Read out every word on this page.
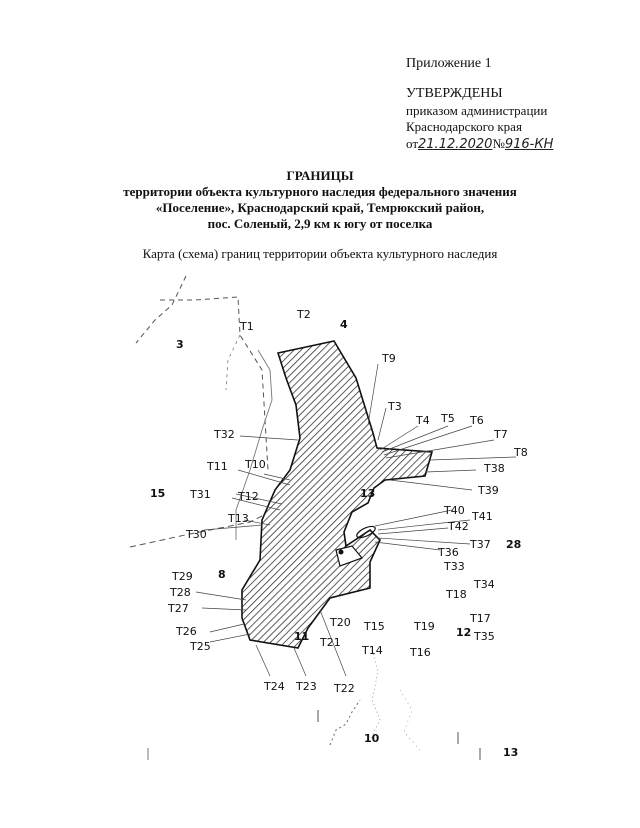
Приложение 1
УТВЕРЖДЕНЫ
приказом администрации
Краснодарского края
от21.12.2020№916-КН
ГРАНИЦЫ
территории объекта культурного наследия федерального значения
«Поселение», Краснодарский край, Темрюкский район,
пос. Соленый, 2,9 км к югу от поселка
Карта (схема) границ территории объекта культурного наследия
Т1
Т2
Т3
Т4 Т5 Т6
Т7
Т8
Т9
Т10
Т11
Т12
Т13
Т14
Т15
Т16
Т17
Т18
Т19
Т20
Т21
Т22
Т23
Т24
Т25
Т26
Т27
Т28
Т29
Т30
Т31
Т32
Т33
Т34
Т35
Т36
Т37
Т38
Т39
Т40 Т41
Т42
3
4
15	13
8
28
12
11
10
13
